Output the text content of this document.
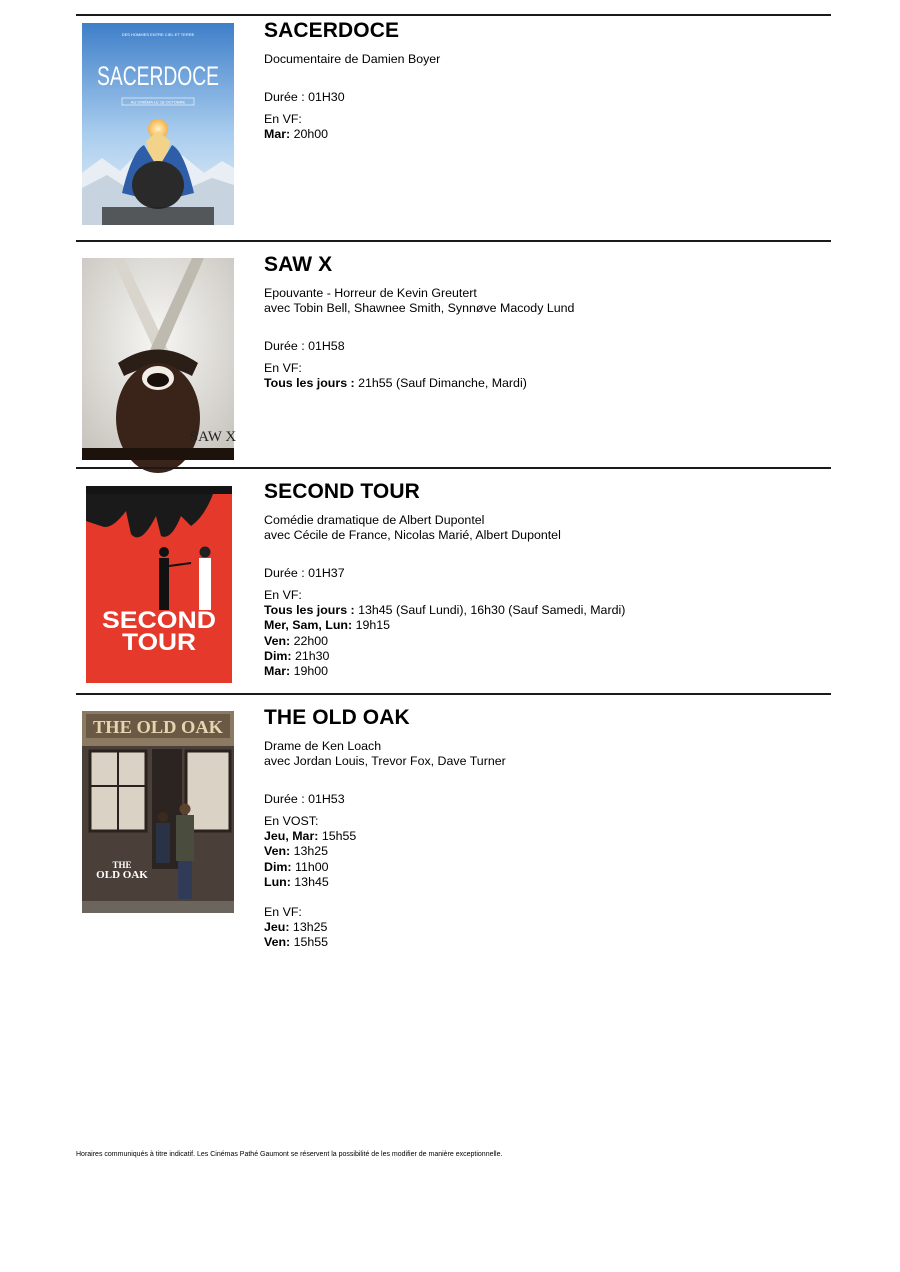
DES HOMMES ENTRE CIEL ET TERRE
SACERDOCE
AU CINÉMA LE 18 OCTOBRE
SACERDOCE
Documentaire de Damien Boyer
Durée : 01H30
En VF:
Mar: 20h00
SAW X
SAW X
Epouvante - Horreur de Kevin Greutert
avec Tobin Bell, Shawnee Smith, Synnøve Macody Lund
Durée : 01H58
En VF:
Tous les jours : 21h55 (Sauf Dimanche, Mardi)
SECOND
TOUR
SECOND TOUR
Comédie dramatique de Albert Dupontel
avec Cécile de France, Nicolas Marié, Albert Dupontel
Durée : 01H37
En VF:
Tous les jours : 13h45 (Sauf Lundi), 16h30 (Sauf Samedi, Mardi)
Mer, Sam, Lun: 19h15
Ven: 22h00
Dim: 21h30
Mar: 19h00
THE OLD OAK
THE
OLD OAK
THE OLD OAK
Drame de Ken Loach
avec Jordan Louis, Trevor Fox, Dave Turner
Durée : 01H53
En VOST:
Jeu, Mar: 15h55
Ven: 13h25
Dim: 11h00
Lun: 13h45
En VF:
Jeu: 13h25
Ven: 15h55
Horaires communiqués à titre indicatif. Les Cinémas Pathé Gaumont se réservent la possibilité de les modifier de manière exceptionnelle.
